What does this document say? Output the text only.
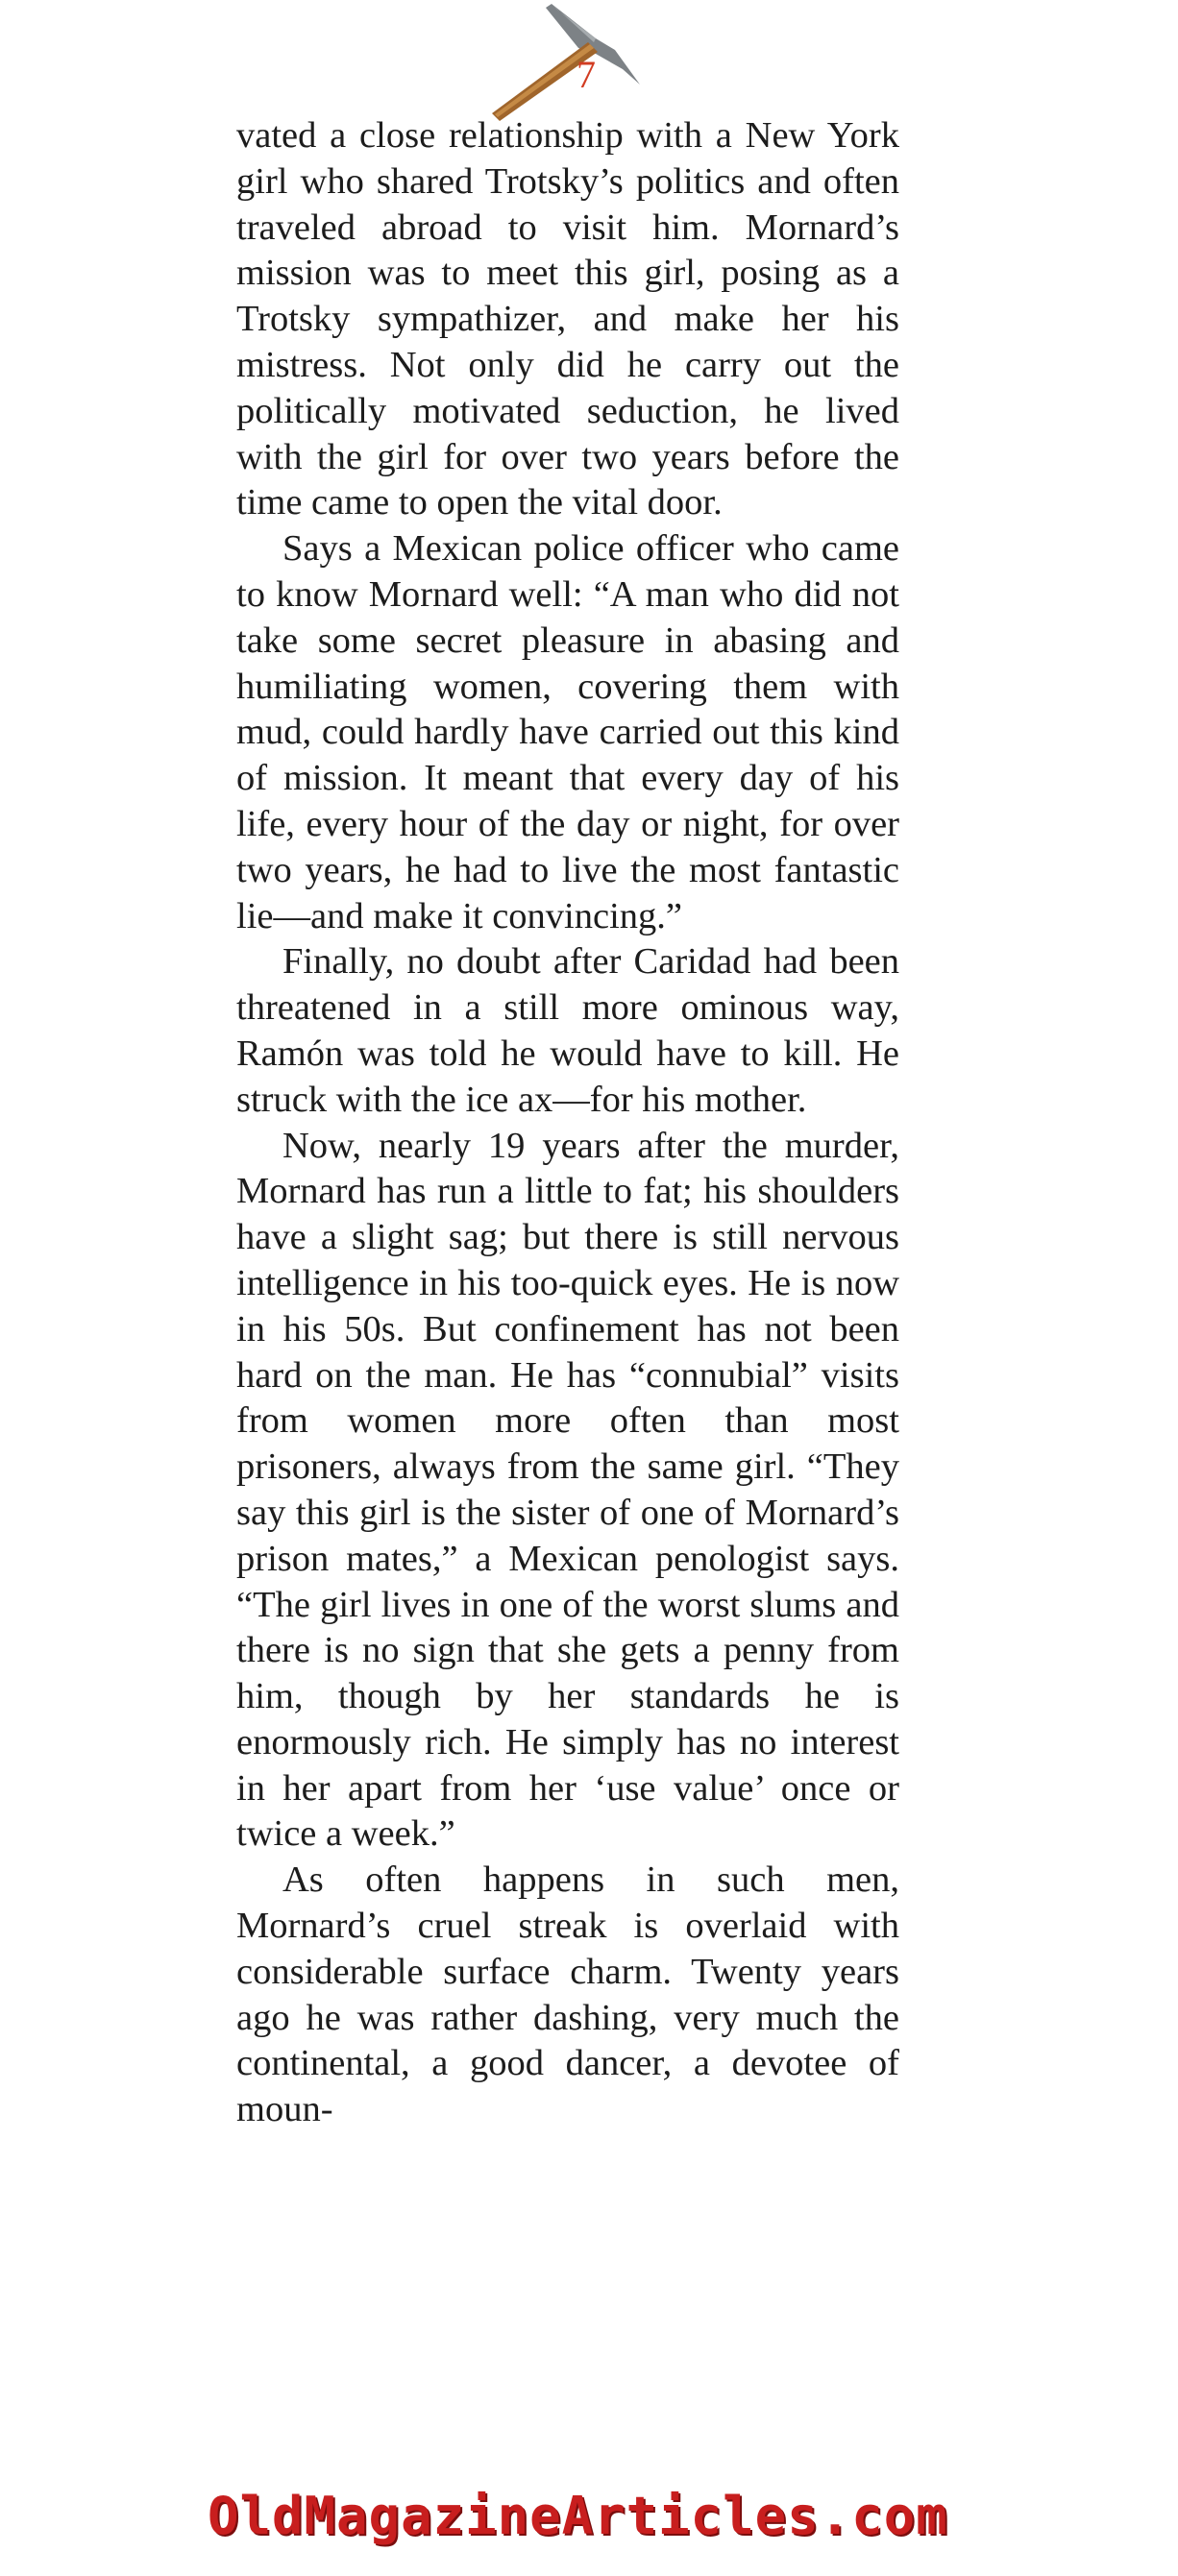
7

vated a close relationship with a New York girl who shared Trotsky’s politics and often traveled abroad to visit him. Mornard’s mission was to meet this girl, posing as a Trotsky sympathizer, and make her his mistress. Not only did he carry out the politically motivated seduction, he lived with the girl for over two years before the time came to open the vital door.

Says a Mexican police officer who came to know Mornard well: “A man who did not take some secret pleasure in abasing and humiliating women, covering them with mud, could hardly have carried out this kind of mission. It meant that every day of his life, every hour of the day or night, for over two years, he had to live the most fantastic lie—and make it convincing.”

Finally, no doubt after Caridad had been threatened in a still more ominous way, Ramón was told he would have to kill. He struck with the ice ax—for his mother.

Now, nearly 19 years after the murder, Mornard has run a little to fat; his shoulders have a slight sag; but there is still nervous intelligence in his too-quick eyes. He is now in his 50s. But confinement has not been hard on the man. He has “connubial” visits from women more often than most prisoners, always from the same girl. “They say this girl is the sister of one of Mornard’s prison mates,” a Mexican penologist says. “The girl lives in one of the worst slums and there is no sign that she gets a penny from him, though by her standards he is enormously rich. He simply has no interest in her apart from her ‘use value’ once or twice a week.”

As often happens in such men, Mornard’s cruel streak is overlaid with considerable surface charm. Twenty years ago he was rather dashing, very much the continental, a good dancer, a devotee of moun-

OldMagazineArticles.com
